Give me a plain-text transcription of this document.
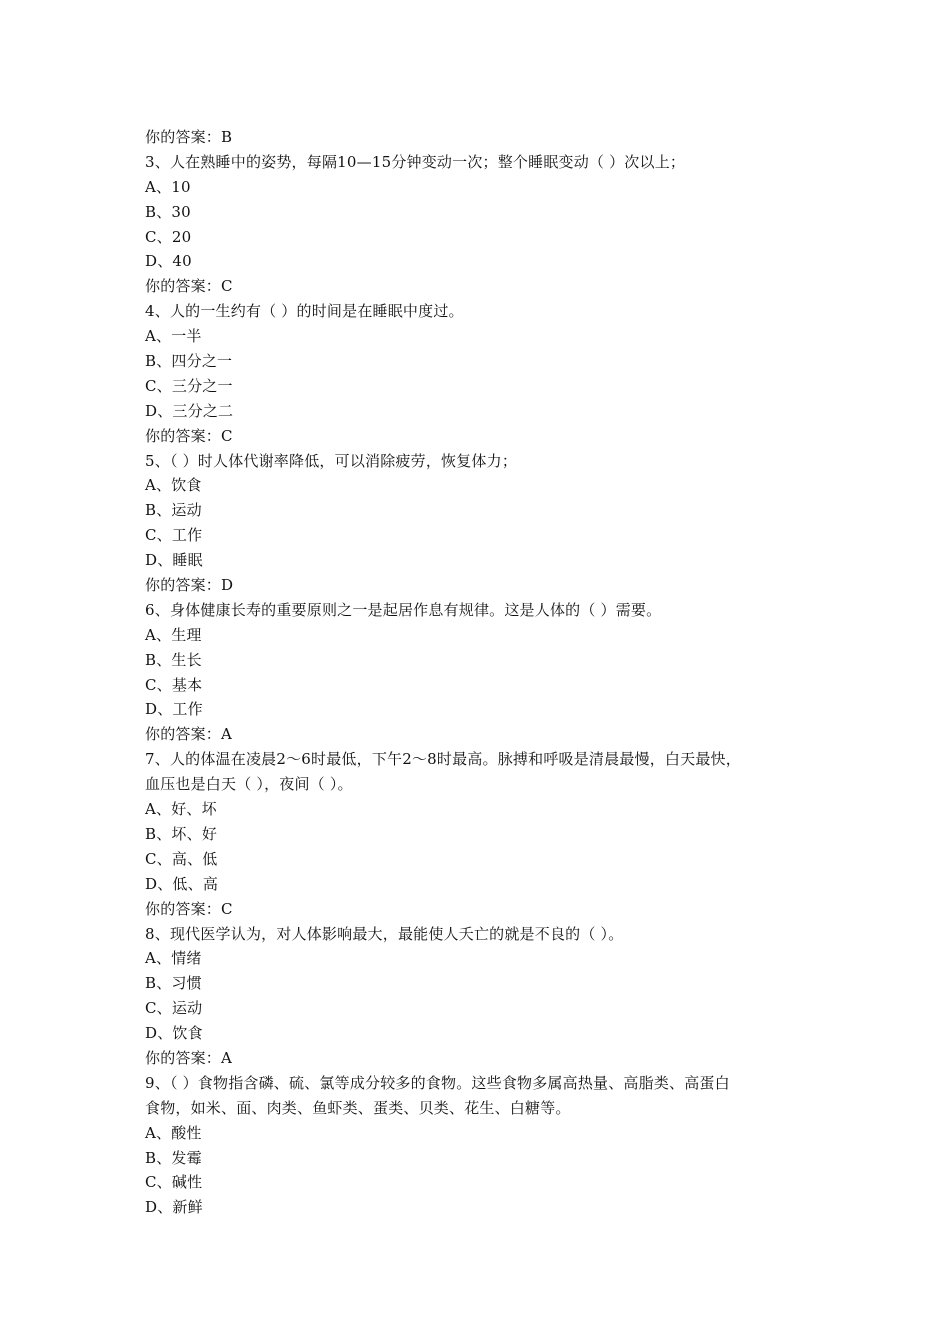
你的答案：B
3、人在熟睡中的姿势，每隔10—15分钟变动一次；整个睡眠变动（ ）次以上；
A、10
B、30
C、20
D、40
你的答案：C
4、人的一生约有（ ）的时间是在睡眠中度过。
A、一半
B、四分之一
C、三分之一
D、三分之二
你的答案：C
5、（ ）时人体代谢率降低，可以消除疲劳，恢复体力；
A、饮食
B、运动
C、工作
D、睡眠
你的答案：D
6、身体健康长寿的重要原则之一是起居作息有规律。这是人体的（ ）需要。
A、生理
B、生长
C、基本
D、工作
你的答案：A
7、人的体温在凌晨2～6时最低，下午2～8时最高。脉搏和呼吸是清晨最慢，白天最快，
血压也是白天（ ），夜间（ ）。
A、好、坏
B、坏、好
C、高、低
D、低、高
你的答案：C
8、现代医学认为，对人体影响最大，最能使人夭亡的就是不良的（ ）。
A、情绪
B、习惯
C、运动
D、饮食
你的答案：A
9、（ ）食物指含磷、硫、氯等成分较多的食物。这些食物多属高热量、高脂类、高蛋白
食物，如米、面、肉类、鱼虾类、蛋类、贝类、花生、白糖等。
A、酸性
B、发霉
C、碱性
D、新鲜
